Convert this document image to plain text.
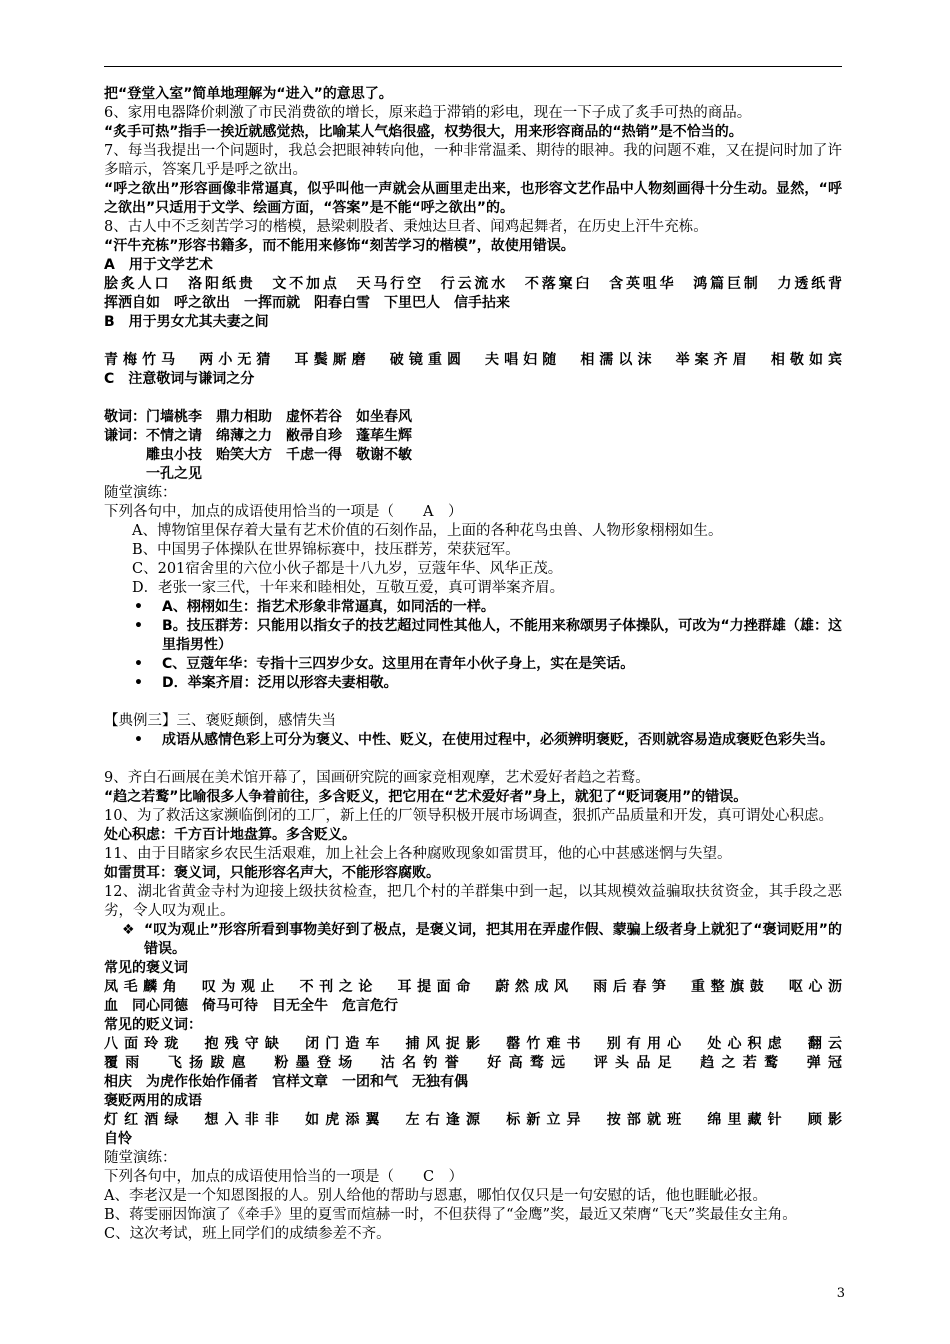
把“登堂入室”简单地理解为“进入”的意思了。
6、家用电器降价刺激了市民消费欲的增长，原来趋于滞销的彩电，现在一下子成了炙手可热的商品。
“炙手可热”指手一挨近就感觉热，比喻某人气焰很盛，权势很大，用来形容商品的“热销”是不恰当的。
7、每当我提出一个问题时，我总会把眼神转向他，一种非常温柔、期待的眼神。我的问题不难，又在提问时加了许多暗示，答案几乎是呼之欲出。
“呼之欲出”形容画像非常逼真，似乎叫他一声就会从画里走出来，也形容文艺作品中人物刻画得十分生动。显然，“呼之欲出”只适用于文学、绘画方面，“答案”是不能“呼之欲出”的。
8、古人中不乏刻苦学习的楷模，悬梁刺股者、秉烛达旦者、闻鸡起舞者，在历史上汗牛充栋。
“汗牛充栋”形容书籍多，而不能用来修饰“刻苦学习的楷模”，故使用错误。
A　用于文学艺术
脍炙人口　洛阳纸贵　文不加点　天马行空　行云流水　不落窠臼　含英咀华　鸿篇巨制　力透纸背
挥洒自如　呼之欲出　一挥而就　阳春白雪　下里巴人　信手拈来
B　用于男女尤其夫妻之间
青梅竹马　两小无猜　耳鬓厮磨　破镜重圆　夫唱妇随　相濡以沫　举案齐眉　相敬如宾
C　注意敬词与谦词之分
敬词：门墙桃李　鼎力相助　虚怀若谷　如坐春风
谦词：不情之请　绵薄之力　敝帚自珍　蓬荜生辉
　　　雕虫小技　贻笑大方　千虑一得　敬谢不敏
　　　一孔之见
随堂演练：
下列各句中，加点的成语使用恰当的一项是（　　A　）
A、博物馆里保存着大量有艺术价值的石刻作品，上面的各种花鸟虫兽、人物形象栩栩如生。
B、中国男子体操队在世界锦标赛中，技压群芳，荣获冠军。
C、201宿舍里的六位小伙子都是十八九岁，豆蔻年华、风华正茂。
D．老张一家三代，十年来和睦相处，互敬互爱，真可谓举案齐眉。
• A、栩栩如生：指艺术形象非常逼真，如同活的一样。
• B。技压群芳：只能用以指女子的技艺超过同性其他人，不能用来称颂男子体操队，可改为“力挫群雄（雄：这里指男性）
• C、豆蔻年华：专指十三四岁少女。这里用在青年小伙子身上，实在是笑话。
• D．举案齐眉：泛用以形容夫妻相敬。
【典例三】三、褒贬颠倒，感情失当
• 成语从感情色彩上可分为褒义、中性、贬义，在使用过程中，必须辨明褒贬，否则就容易造成褒贬色彩失当。
9、齐白石画展在美术馆开幕了，国画研究院的画家竞相观摩，艺术爱好者趋之若鹜。
“趋之若鹜”比喻很多人争着前往，多含贬义，把它用在“艺术爱好者”身上，就犯了“贬词褒用”的错误。
10、为了救活这家濒临倒闭的工厂，新上任的厂领导积极开展市场调查，狠抓产品质量和开发，真可谓处心积虑。
处心积虑：千方百计地盘算。多含贬义。
11、由于目睹家乡农民生活艰难，加上社会上各种腐败现象如雷贯耳，他的心中甚感迷惘与失望。
如雷贯耳：褒义词，只能形容名声大，不能形容腐败。
12、湖北省黄金寺村为迎接上级扶贫检查，把几个村的羊群集中到一起，以其规模效益骗取扶贫资金，其手段之恶劣，令人叹为观止。
❖ “叹为观止”形容所看到事物美好到了极点，是褒义词，把其用在弄虚作假、蒙骗上级者身上就犯了“褒词贬用”的错误。
常见的褒义词
凤毛麟角　叹为观止　不刊之论　耳提面命　蔚然成风　雨后春笋　重整旗鼓　呕心沥
血　同心同德　倚马可待　目无全牛　危言危行
常见的贬义词：
八面玲珑　抱残守缺　闭门造车　捕风捉影　罄竹难书　别有用心　处心积虑　翻云
覆雨　飞扬跋扈　粉墨登场　沽名钓誉　好高骛远　评头品足　趋之若鹜　弹冠
相庆　为虎作伥始作俑者　官样文章　一团和气　无独有偶
褒贬两用的成语
灯红酒绿　想入非非　如虎添翼　左右逢源　标新立异　按部就班　绵里藏针　顾影
自怜
随堂演练：
下列各句中，加点的成语使用恰当的一项是（　　C　）
A、李老汉是一个知恩图报的人。别人给他的帮助与恩惠，哪怕仅仅只是一句安慰的话，他也睚眦必报。
B、蒋雯丽因饰演了《牵手》里的夏雪而煊赫一时，不但获得了“金鹰”奖，最近又荣膺“飞天”奖最佳女主角。
C、这次考试，班上同学们的成绩参差不齐。
3
